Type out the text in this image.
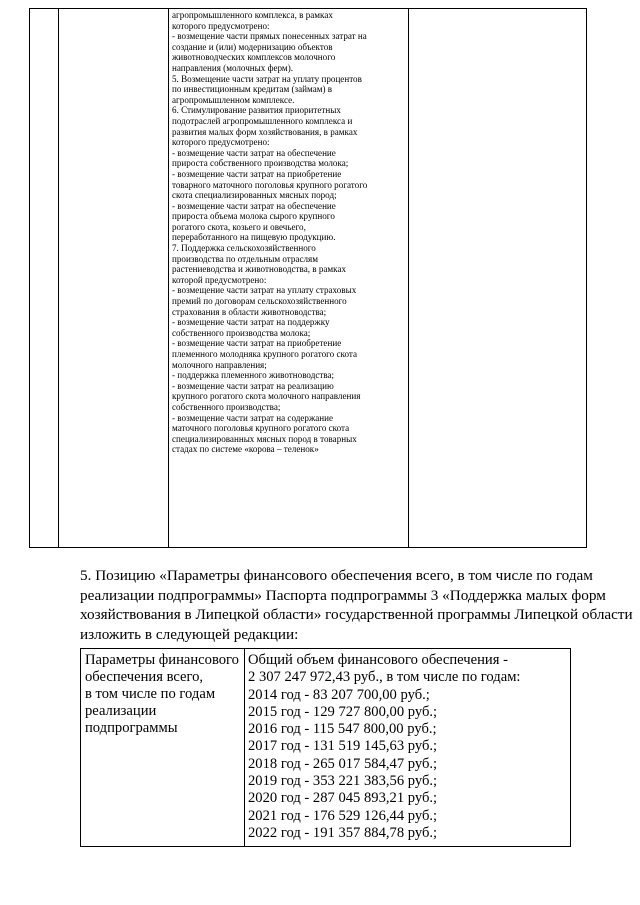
агропромышленного комплекса, в рамках
которого предусмотрено:
- возмещение части прямых понесенных затрат на
создание и (или) модернизацию объектов
животноводческих комплексов молочного
направления (молочных ферм).
5. Возмещение части затрат на уплату процентов
по инвестиционным кредитам (займам) в
агропромышленном комплексе.
6. Стимулирование развития приоритетных
подотраслей агропромышленного комплекса и
развития малых форм хозяйствования, в рамках
которого предусмотрено:
- возмещение части затрат на обеспечение
прироста собственного производства молока;
- возмещение части затрат на приобретение
товарного маточного поголовья крупного рогатого
скота специализированных мясных пород;
- возмещение части затрат на обеспечение
прироста объема молока сырого крупного
рогатого скота, козьего и овечьего,
переработанного на пищевую продукцию.
7. Поддержка сельскохозяйственного
производства по отдельным отраслям
растениеводства и животноводства, в рамках
которой предусмотрено:
- возмещение части затрат на уплату страховых
премий по договорам сельскохозяйственного
страхования в области животноводства;
- возмещение части затрат на поддержку
собственного производства молока;
- возмещение части затрат на приобретение
племенного молодняка крупного рогатого скота
молочного направления;
- поддержка племенного животноводства;
- возмещение части затрат на реализацию
крупного рогатого скота молочного направления
собственного производства;
- возмещение части затрат на содержание
маточного поголовья крупного рогатого скота
специализированных мясных пород в товарных
стадах по системе «корова – теленок»
5. Позицию «Параметры финансового обеспечения всего, в том числе по годам
реализации подпрограммы» Паспорта подпрограммы 3 «Поддержка малых форм
хозяйствования в Липецкой области» государственной программы Липецкой области
изложить в следующей редакции:
Параметры финансового
обеспечения всего,
в том числе по годам
реализации
подпрограммы
Общий объем финансового обеспечения -
2 307 247 972,43 руб., в том числе по годам:
2014 год - 83 207 700,00 руб.;
2015 год - 129 727 800,00 руб.;
2016 год - 115 547 800,00 руб.;
2017 год - 131 519 145,63 руб.;
2018 год - 265 017 584,47 руб.;
2019 год - 353 221 383,56 руб.;
2020 год - 287 045 893,21 руб.;
2021 год - 176 529 126,44 руб.;
2022 год - 191 357 884,78 руб.;
